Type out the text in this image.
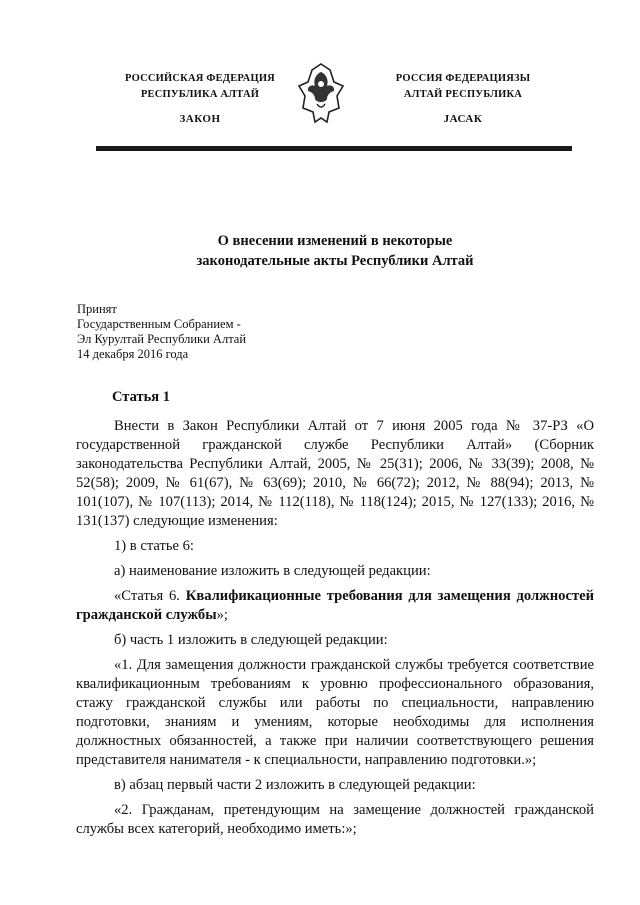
РОССИЙСКАЯ ФЕДЕРАЦИЯ
РЕСПУБЛИКА АЛТАЙ
ЗАКОН
РОССИЯ ФЕДЕРАЦИЯЗЫ
АЛТАЙ РЕСПУБЛИКА
ЈАСАК
О внесении изменений в некоторые
законодательные акты Республики Алтай
Принят
Государственным Собранием -
Эл Курултай Республики Алтай
14 декабря 2016 года
Статья 1

Внести в Закон Республики Алтай от 7 июня 2005 года № 37-РЗ «О государственной гражданской службе Республики Алтай» (Сборник законодательства Республики Алтай, 2005, № 25(31); 2006, № 33(39); 2008, № 52(58); 2009, № 61(67), № 63(69); 2010, № 66(72); 2012, № 88(94); 2013, № 101(107), № 107(113); 2014, № 112(118), № 118(124); 2015, № 127(133); 2016, № 131(137) следующие изменения:

1) в статье 6:

а) наименование изложить в следующей редакции:

«Статья 6. Квалификационные требования для замещения должностей гражданской службы»;

б) часть 1 изложить в следующей редакции:

«1. Для замещения должности гражданской службы требуется соответствие квалификационным требованиям к уровню профессионального образования, стажу гражданской службы или работы по специальности, направлению подготовки, знаниям и умениям, которые необходимы для исполнения должностных обязанностей, а также при наличии соответствующего решения представителя нанимателя - к специальности, направлению подготовки.»;

в) абзац первый части 2 изложить в следующей редакции:

«2. Гражданам, претендующим на замещение должностей гражданской службы всех категорий, необходимо иметь:»;
